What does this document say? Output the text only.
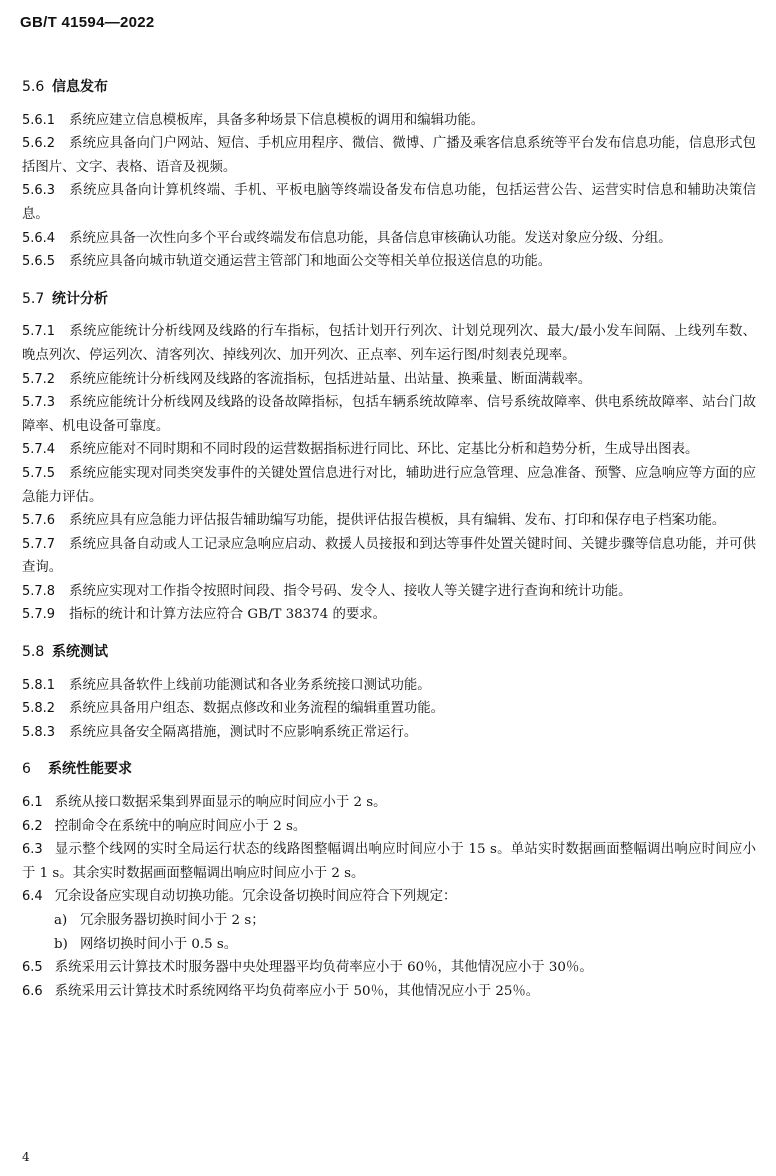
GB/T 41594—2022
5.6 信息发布

5.6.1 系统应建立信息模板库，具备多种场景下信息模板的调用和编辑功能。

5.6.2 系统应具备向门户网站、短信、手机应用程序、微信、微博、广播及乘客信息系统等平台发布信息功能，信息形式包括图片、文字、表格、语音及视频。

5.6.3 系统应具备向计算机终端、手机、平板电脑等终端设备发布信息功能，包括运营公告、运营实时信息和辅助决策信息。

5.6.4 系统应具备一次性向多个平台或终端发布信息功能，具备信息审核确认功能。发送对象应分级、分组。

5.6.5 系统应具备向城市轨道交通运营主管部门和地面公交等相关单位报送信息的功能。

5.7 统计分析

5.7.1 系统应能统计分析线网及线路的行车指标，包括计划开行列次、计划兑现列次、最大/最小发车间隔、上线列车数、晚点列次、停运列次、清客列次、掉线列次、加开列次、正点率、列车运行图/时刻表兑现率。

5.7.2 系统应能统计分析线网及线路的客流指标，包括进站量、出站量、换乘量、断面满载率。

5.7.3 系统应能统计分析线网及线路的设备故障指标，包括车辆系统故障率、信号系统故障率、供电系统故障率、站台门故障率、机电设备可靠度。

5.7.4 系统应能对不同时期和不同时段的运营数据指标进行同比、环比、定基比分析和趋势分析，生成导出图表。

5.7.5 系统应能实现对同类突发事件的关键处置信息进行对比，辅助进行应急管理、应急准备、预警、应急响应等方面的应急能力评估。

5.7.6 系统应具有应急能力评估报告辅助编写功能，提供评估报告模板，具有编辑、发布、打印和保存电子档案功能。

5.7.7 系统应具备自动或人工记录应急响应启动、救援人员接报和到达等事件处置关键时间、关键步骤等信息功能，并可供查询。

5.7.8 系统应实现对工作指令按照时间段、指令号码、发令人、接收人等关键字进行查询和统计功能。

5.7.9 指标的统计和计算方法应符合 GB/T 38374 的要求。

5.8 系统测试

5.8.1 系统应具备软件上线前功能测试和各业务系统接口测试功能。

5.8.2 系统应具备用户组态、数据点修改和业务流程的编辑重置功能。

5.8.3 系统应具备安全隔离措施，测试时不应影响系统正常运行。

6 系统性能要求

6.1 系统从接口数据采集到界面显示的响应时间应小于 2 s。

6.2 控制命令在系统中的响应时间应小于 2 s。

6.3 显示整个线网的实时全局运行状态的线路图整幅调出响应时间应小于 15 s。单站实时数据画面整幅调出响应时间应小于 1 s。其余实时数据画面整幅调出响应时间应小于 2 s。

6.4 冗余设备应实现自动切换功能。冗余设备切换时间应符合下列规定：

a) 冗余服务器切换时间小于 2 s；

b) 网络切换时间小于 0.5 s。

6.5 系统采用云计算技术时服务器中央处理器平均负荷率应小于 60％，其他情况应小于 30％。

6.6 系统采用云计算技术时系统网络平均负荷率应小于 50％，其他情况应小于 25％。

4
